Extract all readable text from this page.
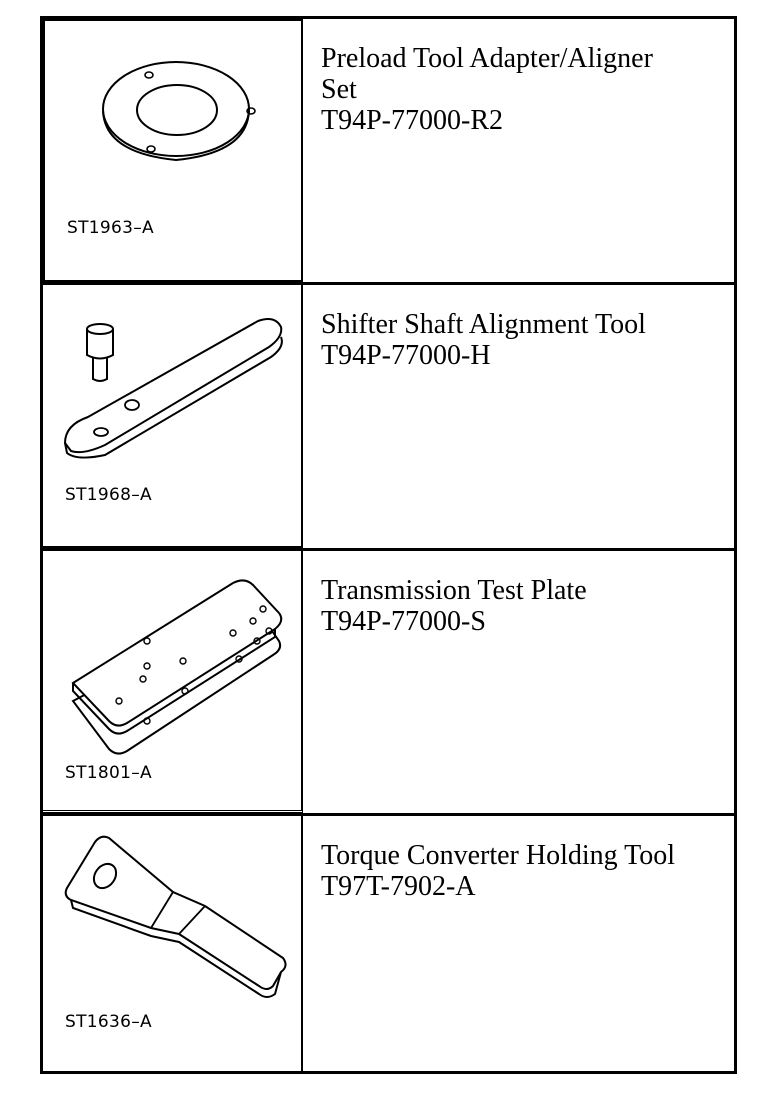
ST1963–A
Preload Tool Adapter/Aligner
Set
T94P-77000-R2
ST1968–A
Shifter Shaft Alignment Tool
T94P-77000-H
ST1801–A
Transmission Test Plate
T94P-77000-S
ST1636–A
Torque Converter Holding Tool
T97T-7902-A
